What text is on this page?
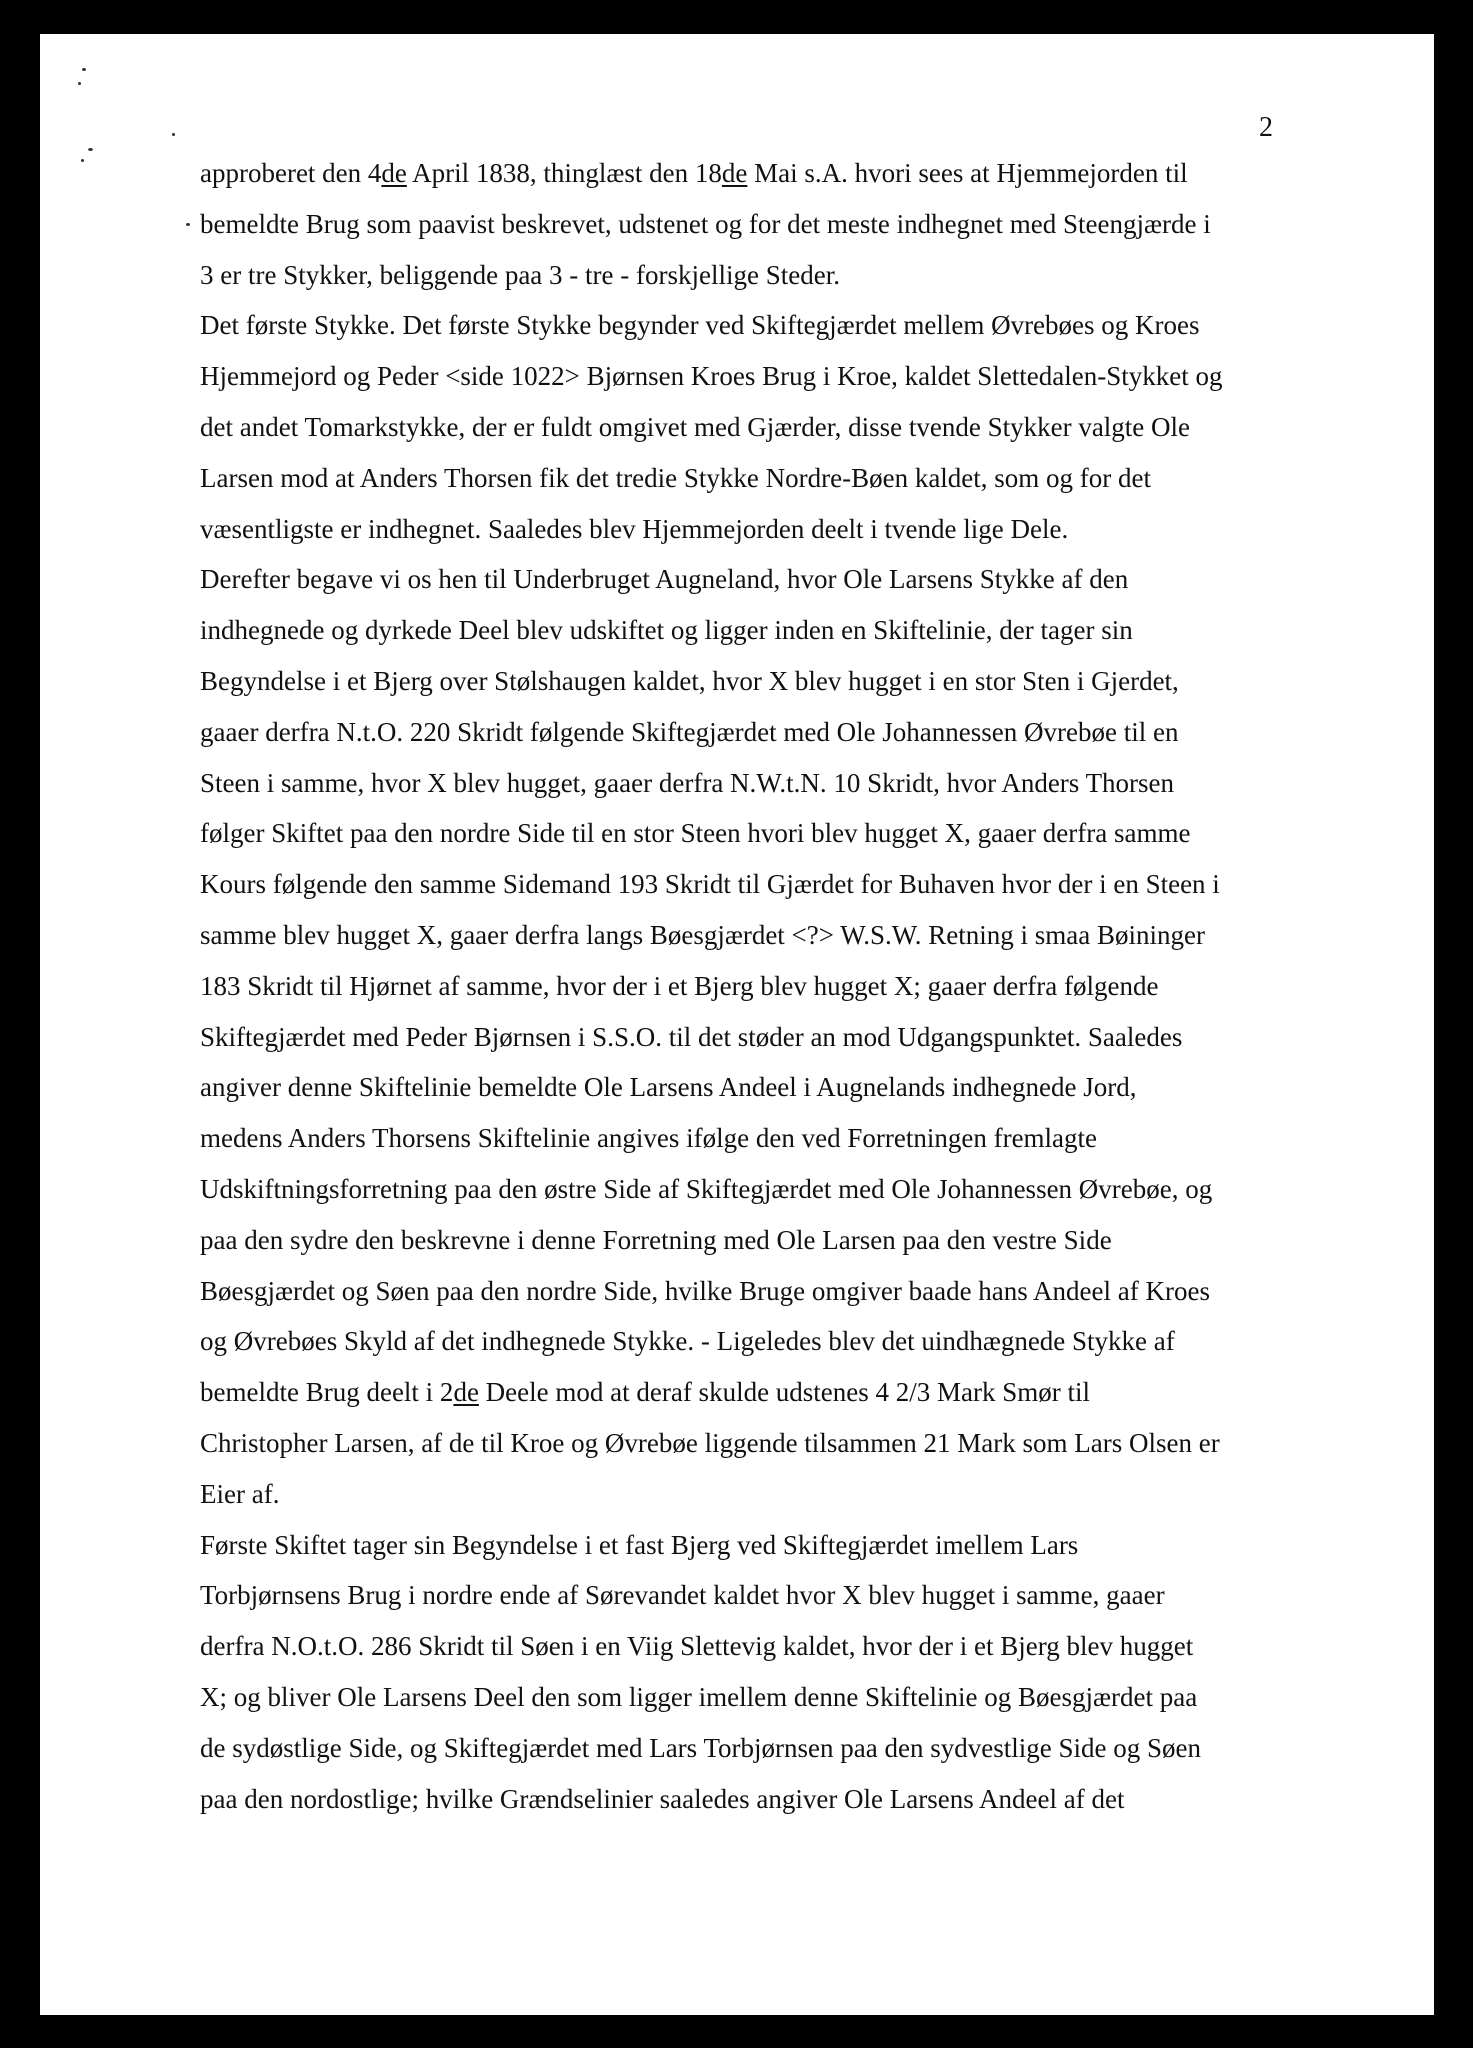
2
approberet den 4de April 1838, thinglæst den 18de Mai s.A. hvori sees at Hjemmejorden til
bemeldte Brug som paavist beskrevet, udstenet og for det meste indhegnet med Steengjærde i
3 er tre Stykker, beliggende paa 3 - tre - forskjellige Steder.
Det første Stykke. Det første Stykke begynder ved Skiftegjærdet mellem Øvrebøes og Kroes
Hjemmejord og Peder <side 1022> Bjørnsen Kroes Brug i Kroe, kaldet Slettedalen-Stykket og
det andet Tomarkstykke, der er fuldt omgivet med Gjærder, disse tvende Stykker valgte Ole
Larsen mod at Anders Thorsen fik det tredie Stykke Nordre-Bøen kaldet, som og for det
væsentligste er indhegnet. Saaledes blev Hjemmejorden deelt i tvende lige Dele.
Derefter begave vi os hen til Underbruget Augneland, hvor Ole Larsens Stykke af den
indhegnede og dyrkede Deel blev udskiftet og ligger inden en Skiftelinie, der tager sin
Begyndelse i et Bjerg over Stølshaugen kaldet, hvor X blev hugget i en stor Sten i Gjerdet,
gaaer derfra N.t.O. 220 Skridt følgende Skiftegjærdet med Ole Johannessen Øvrebøe til en
Steen i samme, hvor X blev hugget, gaaer derfra N.W.t.N. 10 Skridt, hvor Anders Thorsen
følger Skiftet paa den nordre Side til en stor Steen hvori blev hugget X, gaaer derfra samme
Kours følgende den samme Sidemand 193 Skridt til Gjærdet for Buhaven hvor der i en Steen i
samme blev hugget X, gaaer derfra langs Bøesgjærdet <?> W.S.W. Retning i smaa Bøininger
183 Skridt til Hjørnet af samme, hvor der i et Bjerg blev hugget X; gaaer derfra følgende
Skiftegjærdet med Peder Bjørnsen i S.S.O. til det støder an mod Udgangspunktet. Saaledes
angiver denne Skiftelinie bemeldte Ole Larsens Andeel i Augnelands indhegnede Jord,
medens Anders Thorsens Skiftelinie angives ifølge den ved Forretningen fremlagte
Udskiftningsforretning paa den østre Side af Skiftegjærdet med Ole Johannessen Øvrebøe, og
paa den sydre den beskrevne i denne Forretning med Ole Larsen paa den vestre Side
Bøesgjærdet og Søen paa den nordre Side, hvilke Bruge omgiver baade hans Andeel af Kroes
og Øvrebøes Skyld af det indhegnede Stykke. - Ligeledes blev det uindhægnede Stykke af
bemeldte Brug deelt i 2de Deele mod at deraf skulde udstenes 4 2/3 Mark Smør til
Christopher Larsen, af de til Kroe og Øvrebøe liggende tilsammen 21 Mark som Lars Olsen er
Eier af.
Første Skiftet tager sin Begyndelse i et fast Bjerg ved Skiftegjærdet imellem Lars
Torbjørnsens Brug i nordre ende af Sørevandet kaldet hvor X blev hugget i samme, gaaer
derfra N.O.t.O. 286 Skridt til Søen i en Viig Slettevig kaldet, hvor der i et Bjerg blev hugget
X; og bliver Ole Larsens Deel den som ligger imellem denne Skiftelinie og Bøesgjærdet paa
de sydøstlige Side, og Skiftegjærdet med Lars Torbjørnsen paa den sydvestlige Side og Søen
paa den nordostlige; hvilke Grændselinier saaledes angiver Ole Larsens Andeel af det
